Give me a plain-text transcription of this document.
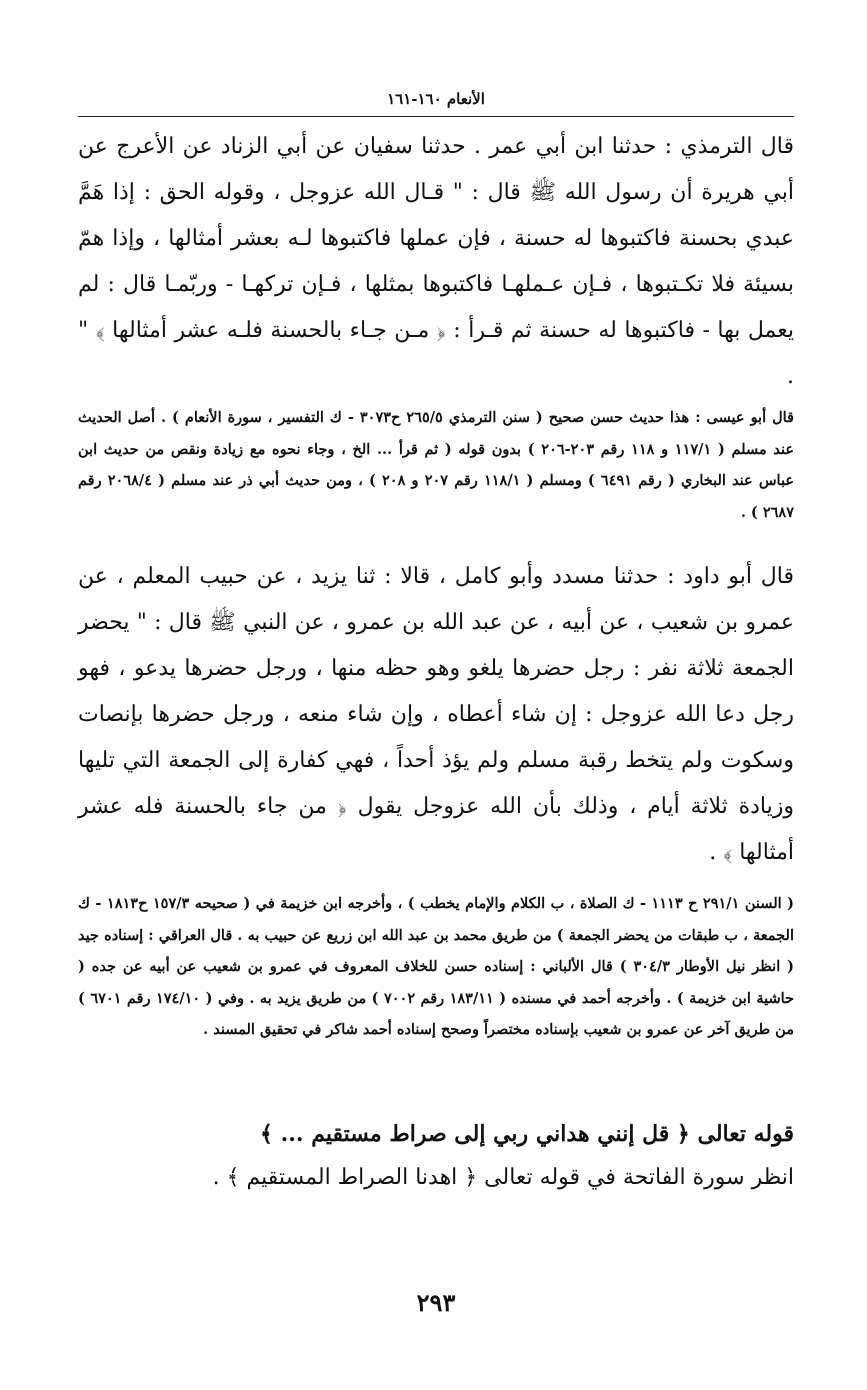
الأنعام ١٦٠-١٦١

قال الترمذي : حدثنا ابن أبي عمر . حدثنا سفيان عن أبي الزناد عن الأعرج عن أبي هريرة أن رسول الله ﷺ قال : " قـال الله عزوجل ، وقوله الحق : إذا هَمَّ عبدي بحسنة فاكتبوها له حسنة ، فإن عملها فاكتبوها لـه بعشر أمثالها ، وإذا همّ بسيئة فلا تكـتبوها ، فـإن عـملهـا فاكتبوها بمثلها ، فـإن تركهـا - وربّمـا قال : لم يعمل بها - فاكتبوها له حسنة ثم قـرأ : ﴿ مـن جـاء بالحسنة فلـه عشر أمثالها ﴾ " .

قال أبو عيسى : هذا حديث حسن صحيح ( سنن الترمذي ٢٦٥/٥ ح٣٠٧٣ - ك التفسير ، سورة الأنعام ) . أصل الحديث عند مسلم ( ١١٧/١ و ١١٨ رقم ٢٠٣-٢٠٦ ) بدون قوله ( ثم قرأ ... الخ ، وجاء نحوه مع زيادة ونقص من حديث ابن عباس عند البخاري ( رقم ٦٤٩١ ) ومسلم ( ١١٨/١ رقم ٢٠٧ و ٢٠٨ ) ، ومن حديث أبي ذر عند مسلم ( ٢٠٦٨/٤ رقم ٢٦٨٧ ) .

قال أبو داود : حدثنا مسدد وأبو كامل ، قالا : ثنا يزيد ، عن حبيب المعلم ، عن عمرو بن شعيب ، عن أبيه ، عن عبد الله بن عمرو ، عن النبي ﷺ قال : " يحضر الجمعة ثلاثة نفر : رجل حضرها يلغو وهو حظه منها ، ورجل حضرها يدعو ، فهو رجل دعا الله عزوجل : إن شاء أعطاه ، وإن شاء منعه ، ورجل حضرها بإنصات وسكوت ولم يتخط رقبة مسلم ولم يؤذ أحداً ، فهي كفارة إلى الجمعة التي تليها وزيادة ثلاثة أيام ، وذلك بأن الله عزوجل يقول ﴿ من جاء بالحسنة فله عشر أمثالها ﴾ .

( السنن ٢٩١/١ ح ١١١٣ - ك الصلاة ، ب الكلام والإمام يخطب ) ، وأخرجه ابن خزيمة في ( صحيحه ١٥٧/٣ ح١٨١٣ - ك الجمعة ، ب طبقات من يحضر الجمعة ) من طريق محمد بن عبد الله ابن زريع عن حبيب به . قال العراقي : إسناده جيد ( انظر نيل الأوطار ٣٠٤/٣ ) قال الألباني : إسناده حسن للخلاف المعروف في عمرو بن شعيب عن أبيه عن جده ( حاشية ابن خزيمة ) . وأخرجه أحمد في مسنده ( ١٨٣/١١ رقم ٧٠٠٢ ) من طريق يزيد به . وفي ( ١٧٤/١٠ رقم ٦٧٠١ ) من طريق آخر عن عمرو بن شعيب بإسناده مختصراً وصحح إسناده أحمد شاكر في تحقيق المسند .

قوله تعالى ﴿ قل إنني هداني ربي إلى صراط مستقيم ... ﴾

انظر سورة الفاتحة في قوله تعالى ﴿ اهدنا الصراط المستقيم ﴾ .

٢٩٣
